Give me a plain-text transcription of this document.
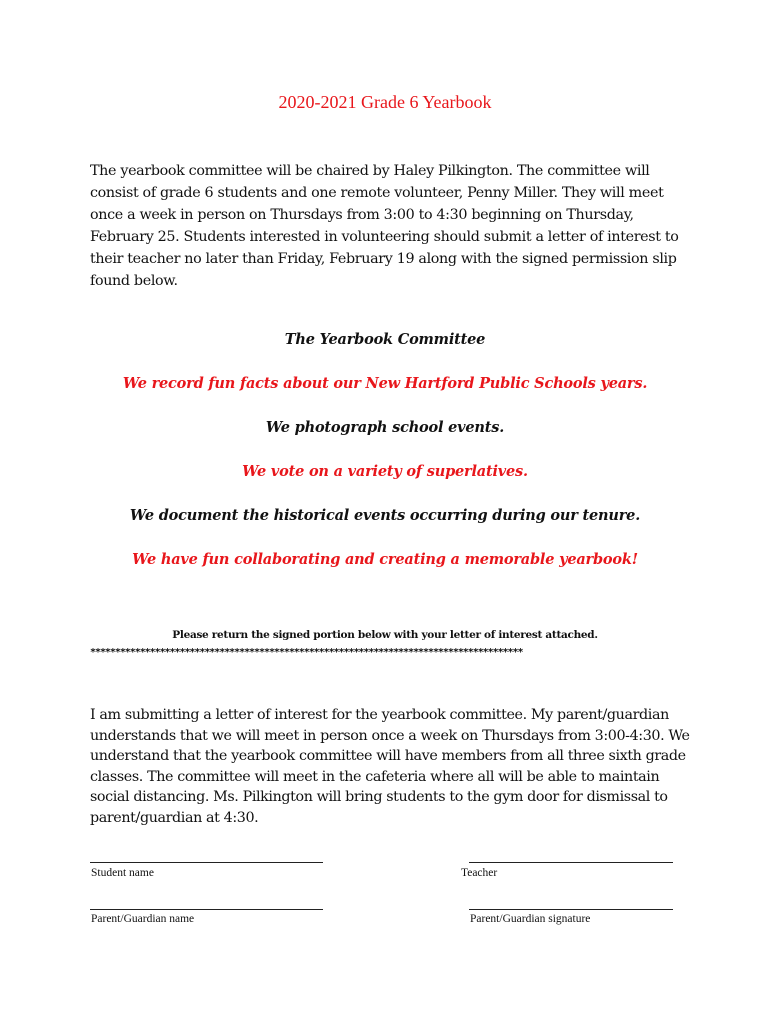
2020-2021 Grade 6 Yearbook

The yearbook committee will be chaired by Haley Pilkington. The committee will consist of grade 6 students and one remote volunteer, Penny Miller. They will meet once a week in person on Thursdays from 3:00 to 4:30 beginning on Thursday, February 25. Students interested in volunteering should submit a letter of interest to their teacher no later than Friday, February 19 along with the signed permission slip found below.

The Yearbook Committee
We record fun facts about our New Hartford Public Schools years.
We photograph school events.
We vote on a variety of superlatives.
We document the historical events occurring during our tenure.
We have fun collaborating and creating a memorable yearbook!
Please return the signed portion below with your letter of interest attached.
***************************************************************************************

I am submitting a letter of interest for the yearbook committee. My parent/guardian understands that we will meet in person once a week on Thursdays from 3:00-4:30. We understand that the yearbook committee will have members from all three sixth grade classes. The committee will meet in the cafeteria where all will be able to maintain social distancing. Ms. Pilkington will bring students to the gym door for dismissal to parent/guardian at 4:30.

Student name	Teacher
Parent/Guardian name	Parent/Guardian signature
